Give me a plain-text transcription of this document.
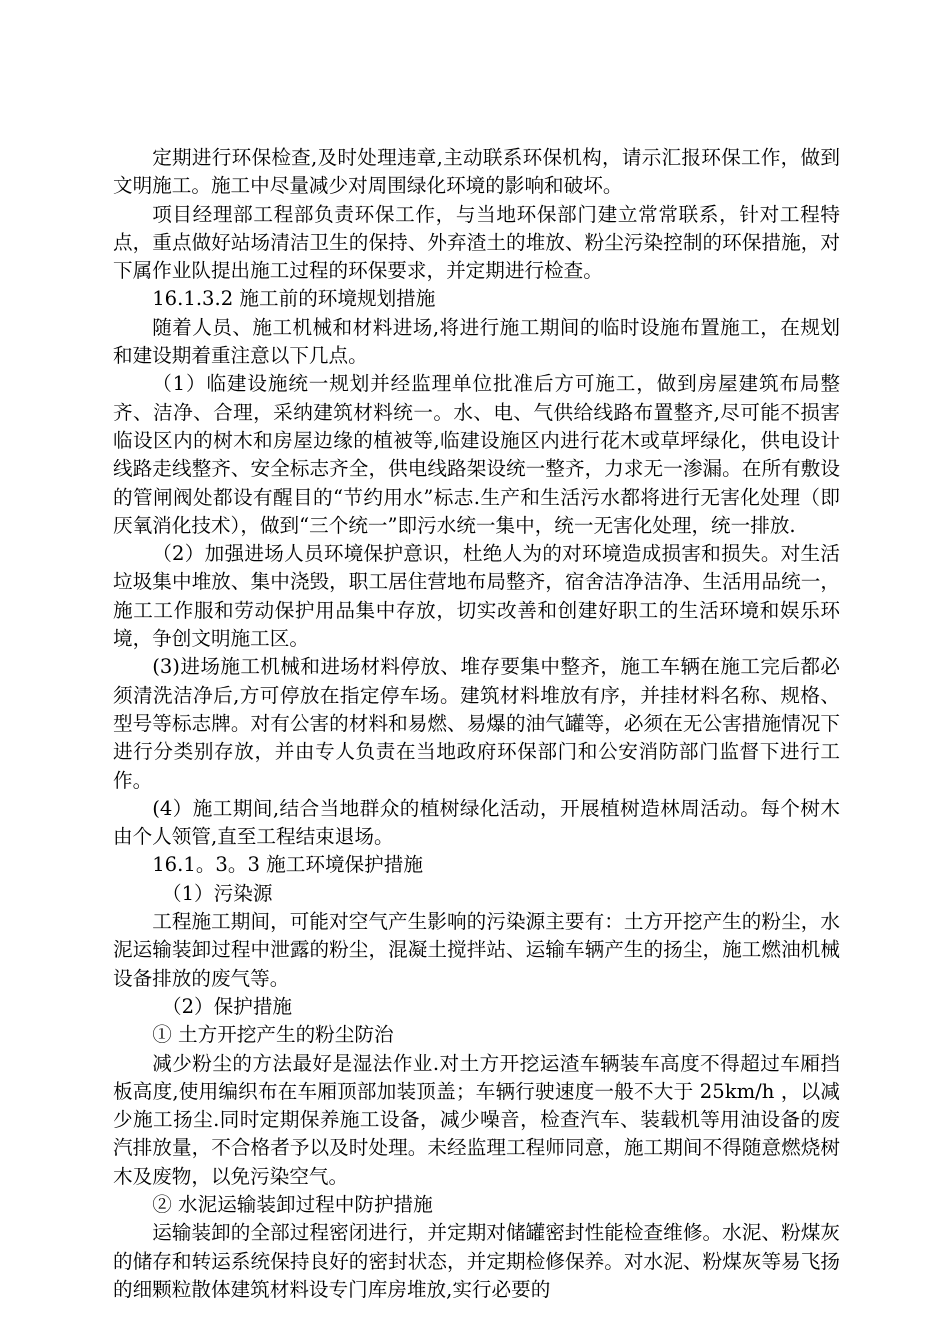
定期进行环保检查,及时处理违章,主动联系环保机构，请示汇报环保工作，做到文明施工。施工中尽量减少对周围绿化环境的影响和破坏。

项目经理部工程部负责环保工作，与当地环保部门建立常常联系，针对工程特点，重点做好站场清洁卫生的保持、外弃渣土的堆放、粉尘污染控制的环保措施，对下属作业队提出施工过程的环保要求，并定期进行检查。

16.1.3.2 施工前的环境规划措施

随着人员、施工机械和材料进场,将进行施工期间的临时设施布置施工，在规划和建设期着重注意以下几点。

（1）临建设施统一规划并经监理单位批准后方可施工，做到房屋建筑布局整齐、洁净、合理，采纳建筑材料统一。水、电、气供给线路布置整齐,尽可能不损害临设区内的树木和房屋边缘的植被等,临建设施区内进行花木或草坪绿化，供电设计线路走线整齐、安全标志齐全，供电线路架设统一整齐，力求无一渗漏。在所有敷设的管闸阀处都设有醒目的“节约用水”标志.生产和生活污水都将进行无害化处理（即厌氧消化技术），做到“三个统一”即污水统一集中，统一无害化处理，统一排放.

（2）加强进场人员环境保护意识，杜绝人为的对环境造成损害和损失。对生活垃圾集中堆放、集中浇毁，职工居住营地布局整齐，宿舍洁净洁净、生活用品统一，施工工作服和劳动保护用品集中存放，切实改善和创建好职工的生活环境和娱乐环境，争创文明施工区。

(3)进场施工机械和进场材料停放、堆存要集中整齐，施工车辆在施工完后都必须清洗洁净后,方可停放在指定停车场。建筑材料堆放有序，并挂材料名称、规格、型号等标志牌。对有公害的材料和易燃、易爆的油气罐等，必须在无公害措施情况下进行分类别存放，并由专人负责在当地政府环保部门和公安消防部门监督下进行工作。

(4）施工期间,结合当地群众的植树绿化活动，开展植树造林周活动。每个树木由个人领管,直至工程结束退场。

16.1。3。3 施工环境保护措施

（1）污染源

工程施工期间，可能对空气产生影响的污染源主要有：土方开挖产生的粉尘，水泥运输装卸过程中泄露的粉尘，混凝土搅拌站、运输车辆产生的扬尘，施工燃油机械设备排放的废气等。

（2）保护措施

① 土方开挖产生的粉尘防治

减少粉尘的方法最好是湿法作业.对土方开挖运渣车辆装车高度不得超过车厢挡板高度,使用编织布在车厢顶部加装顶盖；车辆行驶速度一般不大于 25km/h ，以减少施工扬尘.同时定期保养施工设备，减少噪音，检查汽车、装载机等用油设备的废汽排放量，不合格者予以及时处理。未经监理工程师同意，施工期间不得随意燃烧树木及废物，以免污染空气。

② 水泥运输装卸过程中防护措施

运输装卸的全部过程密闭进行，并定期对储罐密封性能检查维修。水泥、粉煤灰的储存和转运系统保持良好的密封状态，并定期检修保养。对水泥、粉煤灰等易飞扬的细颗粒散体建筑材料设专门库房堆放,实行必要的
